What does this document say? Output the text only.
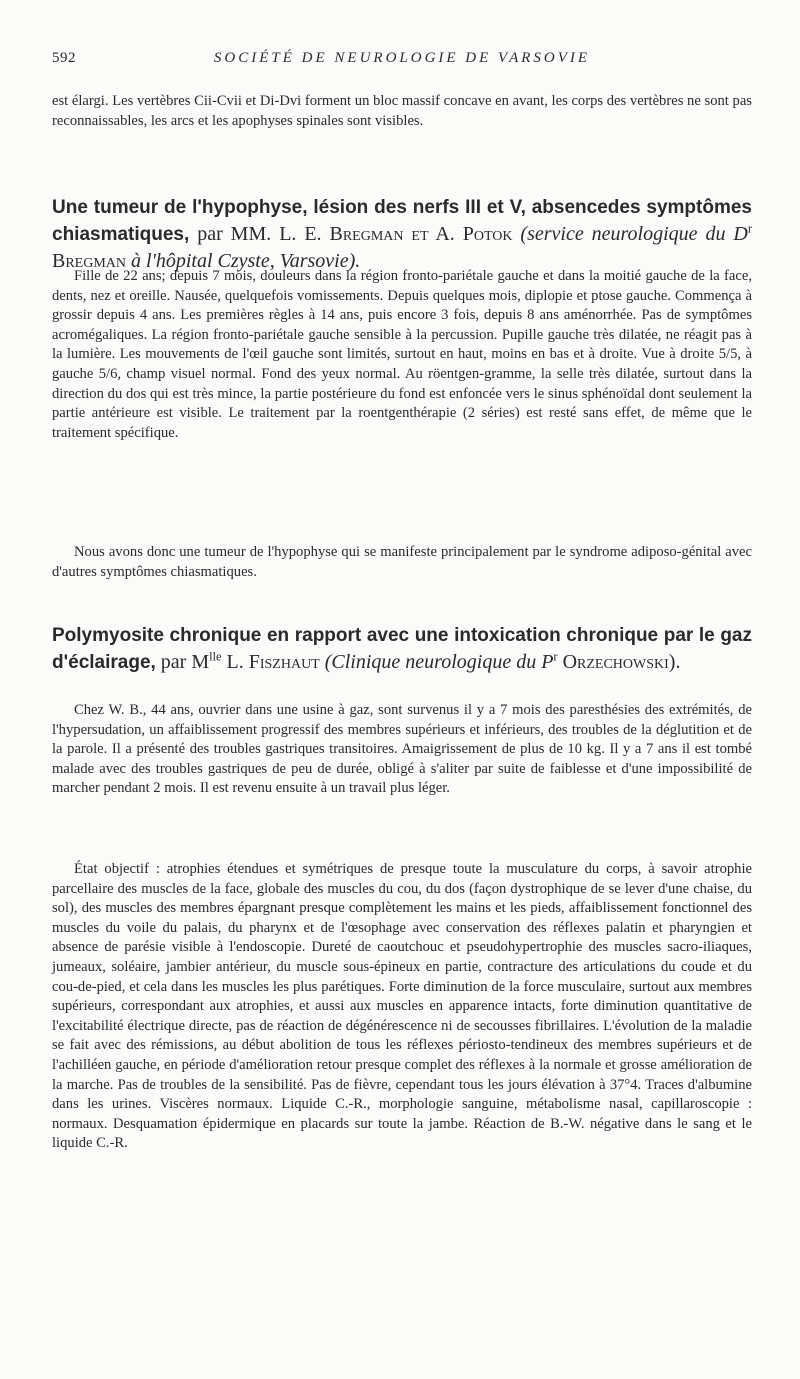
592	SOCIÉTÉ DE NEUROLOGIE DE VARSOVIE

est élargi. Les vertèbres Cii-Cvii et Di-Dvi forment un bloc massif concave en avant, les corps des vertèbres ne sont pas reconnaissables, les arcs et les apophyses spinales sont visibles.

Une tumeur de l'hypophyse, lésion des nerfs III et V, absencedes symptômes chiasmatiques, par MM. L. E. Bregman et A. Potok (service neurologique du $D^r$ Bregman à l'hôpital Czyste, Varsovie).

Fille de 22 ans; depuis 7 mois, douleurs dans la région fronto-pariétale gauche et dans la moitié gauche de la face, dents, nez et oreille. Nausée, quelquefois vomissements. Depuis quelques mois, diplopie et ptose gauche. Commença à grossir depuis 4 ans. Les premières règles à 14 ans, puis encore 3 fois, depuis 8 ans aménorrhée. Pas de symptômes acromégaliques. La région fronto-pariétale gauche sensible à la percussion. Pupille gauche très dilatée, ne réagit pas à la lumière. Les mouvements de l'œil gauche sont limités, surtout en haut, moins en bas et à droite. Vue à droite 5/5, à gauche 5/6, champ visuel normal. Fond des yeux normal. Au röentgen-gramme, la selle très dilatée, surtout dans la direction du dos qui est très mince, la partie postérieure du fond est enfoncée vers le sinus sphénoïdal dont seulement la partie antérieure est visible. Le traitement par la roentgenthérapie (2 séries) est resté sans effet, de même que le traitement spécifique.

Nous avons donc une tumeur de l'hypophyse qui se manifeste principalement par le syndrome adiposo-génital avec d'autres symptômes chiasmatiques.

Polymyosite chronique en rapport avec une intoxication chronique par le gaz d'éclairage, par $M^{lle}$ L. Fiszhaut (Clinique neurologique du $P^r$ Orzechowski).

Chez W. B., 44 ans, ouvrier dans une usine à gaz, sont survenus il y a 7 mois des paresthésies des extrémités, de l'hypersudation, un affaiblissement progressif des membres supérieurs et inférieurs, des troubles de la déglutition et de la parole. Il a présenté des troubles gastriques transitoires. Amaigrissement de plus de 10 kg. Il y a 7 ans il est tombé malade avec des troubles gastriques de peu de durée, obligé à s'aliter par suite de faiblesse et d'une impossibilité de marcher pendant 2 mois. Il est revenu ensuite à un travail plus léger.

État objectif : atrophies étendues et symétriques de presque toute la musculature du corps, à savoir atrophie parcellaire des muscles de la face, globale des muscles du cou, du dos (façon dystrophique de se lever d'une chaise, du sol), des muscles des membres épargnant presque complètement les mains et les pieds, affaiblissement fonctionnel des muscles du voile du palais, du pharynx et de l'œsophage avec conservation des réflexes palatin et pharyngien et absence de parésie visible à l'endoscopie. Dureté de caoutchouc et pseudohypertrophie des muscles sacro-iliaques, jumeaux, soléaire, jambier antérieur, du muscle sous-épineux en partie, contracture des articulations du coude et du cou-de-pied, et cela dans les muscles les plus parétiques. Forte diminution de la force musculaire, surtout aux membres supérieurs, correspondant aux atrophies, et aussi aux muscles en apparence intacts, forte diminution quantitative de l'excitabilité électrique directe, pas de réaction de dégénérescence ni de secousses fibrillaires. L'évolution de la maladie se fait avec des rémissions, au début abolition de tous les réflexes périosto-tendineux des membres supérieurs et de l'achilléen gauche, en période d'amélioration retour presque complet des réflexes à la normale et grosse amélioration de la marche. Pas de troubles de la sensibilité. Pas de fièvre, cependant tous les jours élévation à 37°4. Traces d'albumine dans les urines. Viscères normaux. Liquide C.-R., morphologie sanguine, métabolisme nasal, capillaroscopie : normaux. Desquamation épidermique en placards sur toute la jambe. Réaction de B.-W. négative dans le sang et le liquide C.-R.
